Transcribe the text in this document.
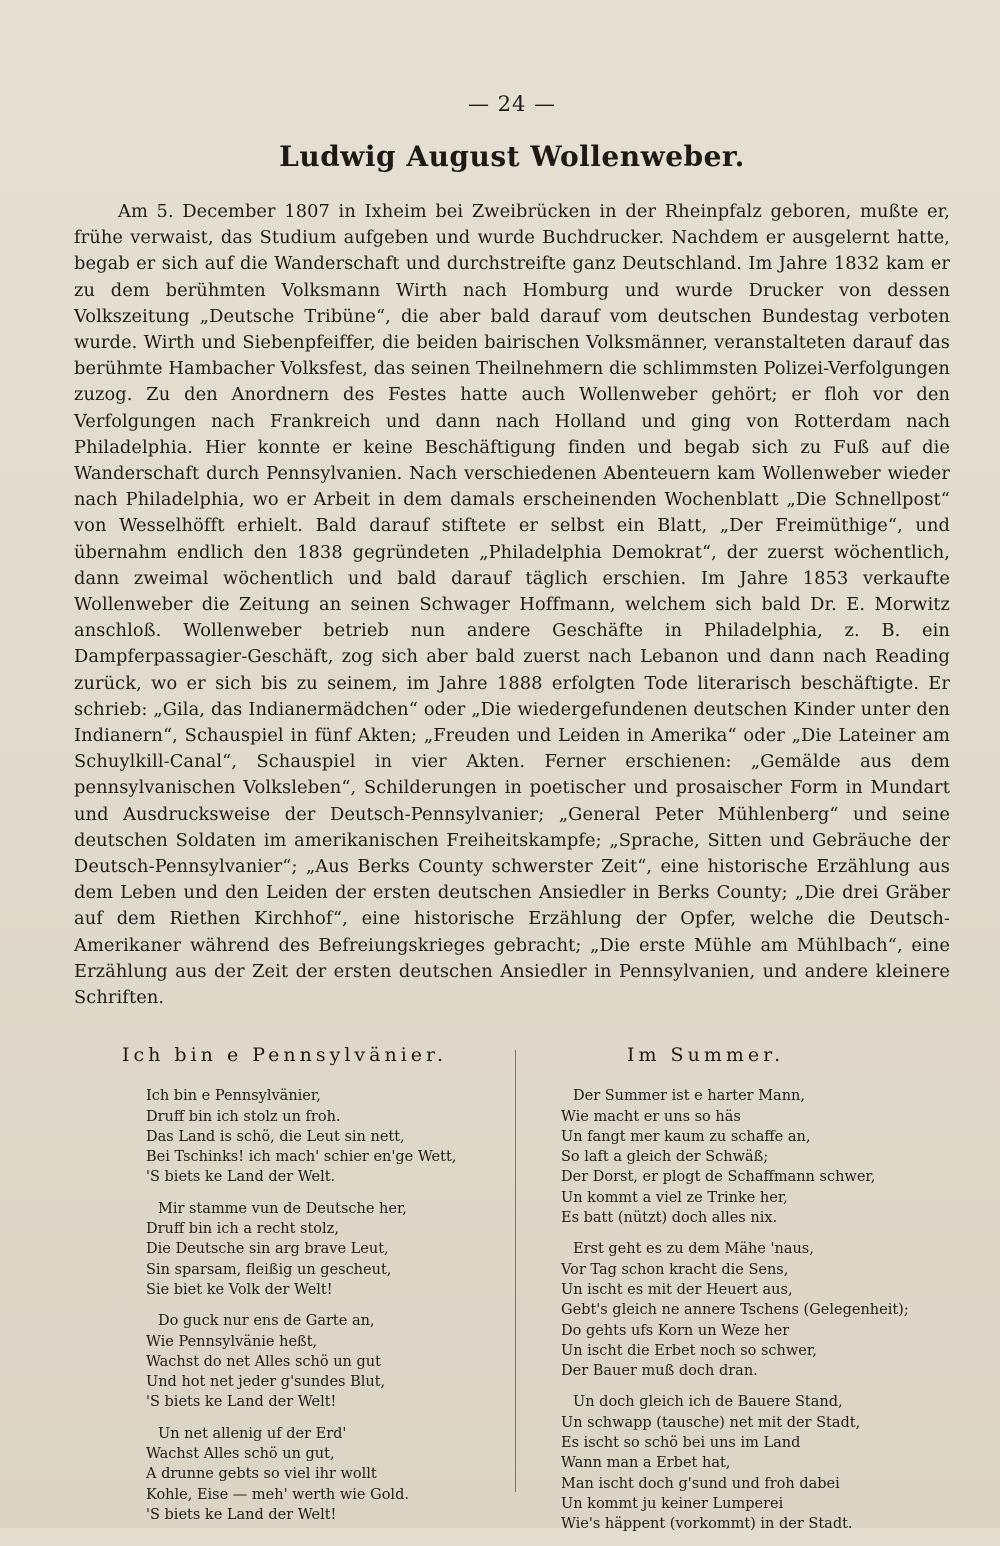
— 24 —
Ludwig August Wollenweber.

Am 5. December 1807 in Ixheim bei Zweibrücken in der Rheinpfalz geboren, mußte er, frühe verwaist, das Studium aufgeben und wurde Buchdrucker. Nachdem er ausgelernt hatte, begab er sich auf die Wanderschaft und durchstreifte ganz Deutschland. Im Jahre 1832 kam er zu dem berühmten Volksmann Wirth nach Homburg und wurde Drucker von dessen Volkszeitung „Deutsche Tribüne“, die aber bald darauf vom deutschen Bundestag verboten wurde. Wirth und Siebenpfeiffer, die beiden bairischen Volksmänner, veranstalteten darauf das berühmte Hambacher Volksfest, das seinen Theilnehmern die schlimmsten Polizei-Verfolgungen zuzog. Zu den Anordnern des Festes hatte auch Wollenweber gehört; er floh vor den Verfolgungen nach Frankreich und dann nach Holland und ging von Rotterdam nach Philadelphia. Hier konnte er keine Beschäftigung finden und begab sich zu Fuß auf die Wanderschaft durch Pennsylvanien. Nach verschiedenen Abenteuern kam Wollenweber wieder nach Philadelphia, wo er Arbeit in dem damals erscheinenden Wochenblatt „Die Schnellpost“ von Wesselhöfft erhielt. Bald darauf stiftete er selbst ein Blatt, „Der Freimüthige“, und übernahm endlich den 1838 gegründeten „Philadelphia Demokrat“, der zuerst wöchentlich, dann zweimal wöchentlich und bald darauf täglich erschien. Im Jahre 1853 verkaufte Wollenweber die Zeitung an seinen Schwager Hoffmann, welchem sich bald Dr. E. Morwitz anschloß. Wollenweber betrieb nun andere Geschäfte in Philadelphia, z. B. ein Dampferpassagier-Geschäft, zog sich aber bald zuerst nach Lebanon und dann nach Reading zurück, wo er sich bis zu seinem, im Jahre 1888 erfolgten Tode literarisch beschäftigte. Er schrieb: „Gila, das Indianermädchen“ oder „Die wiedergefundenen deutschen Kinder unter den Indianern“, Schauspiel in fünf Akten; „Freuden und Leiden in Amerika“ oder „Die Lateiner am Schuylkill-Canal“, Schauspiel in vier Akten. Ferner erschienen: „Gemälde aus dem pennsylvanischen Volksleben“, Schilderungen in poetischer und prosaischer Form in Mundart und Ausdrucksweise der Deutsch-Pennsylvanier; „General Peter Mühlenberg“ und seine deutschen Soldaten im amerikanischen Freiheitskampfe; „Sprache, Sitten und Gebräuche der Deutsch-Pennsylvanier“; „Aus Berks County schwerster Zeit“, eine historische Erzählung aus dem Leben und den Leiden der ersten deutschen Ansiedler in Berks County; „Die drei Gräber auf dem Riethen Kirchhof“, eine historische Erzählung der Opfer, welche die Deutsch-Amerikaner während des Befreiungskrieges gebracht; „Die erste Mühle am Mühlbach“, eine Erzählung aus der Zeit der ersten deutschen Ansiedler in Pennsylvanien, und andere kleinere Schriften.

Ich bin e Pennsylvänier.
Ich bin e Pennsylvänier,
Druff bin ich stolz un froh.
Das Land is schö, die Leut sin nett,
Bei Tschinks! ich mach' schier en'ge Wett,
'S biets ke Land der Welt.
Mir stamme vun de Deutsche her,
Druff bin ich a recht stolz,
Die Deutsche sin arg brave Leut,
Sin sparsam, fleißig un gescheut,
Sie biet ke Volk der Welt!
Do guck nur ens de Garte an,
Wie Pennsylvänie heßt,
Wachst do net Alles schö un gut
Und hot net jeder g'sundes Blut,
'S biets ke Land der Welt!
Un net allenig uf der Erd'
Wachst Alles schö un gut,
A drunne gebts so viel ihr wollt
Kohle, Eise — meh' werth wie Gold.
'S biets ke Land der Welt!
Im Summer.
Der Summer ist e harter Mann,
Wie macht er uns so häs
Un fangt mer kaum zu schaffe an,
So laft a gleich der Schwäß;
Der Dorst, er plogt de Schaffmann schwer,
Un kommt a viel ze Trinke her,
Es batt (nützt) doch alles nix.
Erst geht es zu dem Mähe 'naus,
Vor Tag schon kracht die Sens,
Un ischt es mit der Heuert aus,
Gebt's gleich ne annere Tschens (Gelegenheit);
Do gehts ufs Korn un Weze her
Un ischt die Erbet noch so schwer,
Der Bauer muß doch dran.
Un doch gleich ich de Bauere Stand,
Un schwapp (tausche) net mit der Stadt,
Es ischt so schö bei uns im Land
Wann man a Erbet hat,
Man ischt doch g'sund und froh dabei
Un kommt ju keiner Lumperei
Wie's häppent (vorkommt) in der Stadt.
